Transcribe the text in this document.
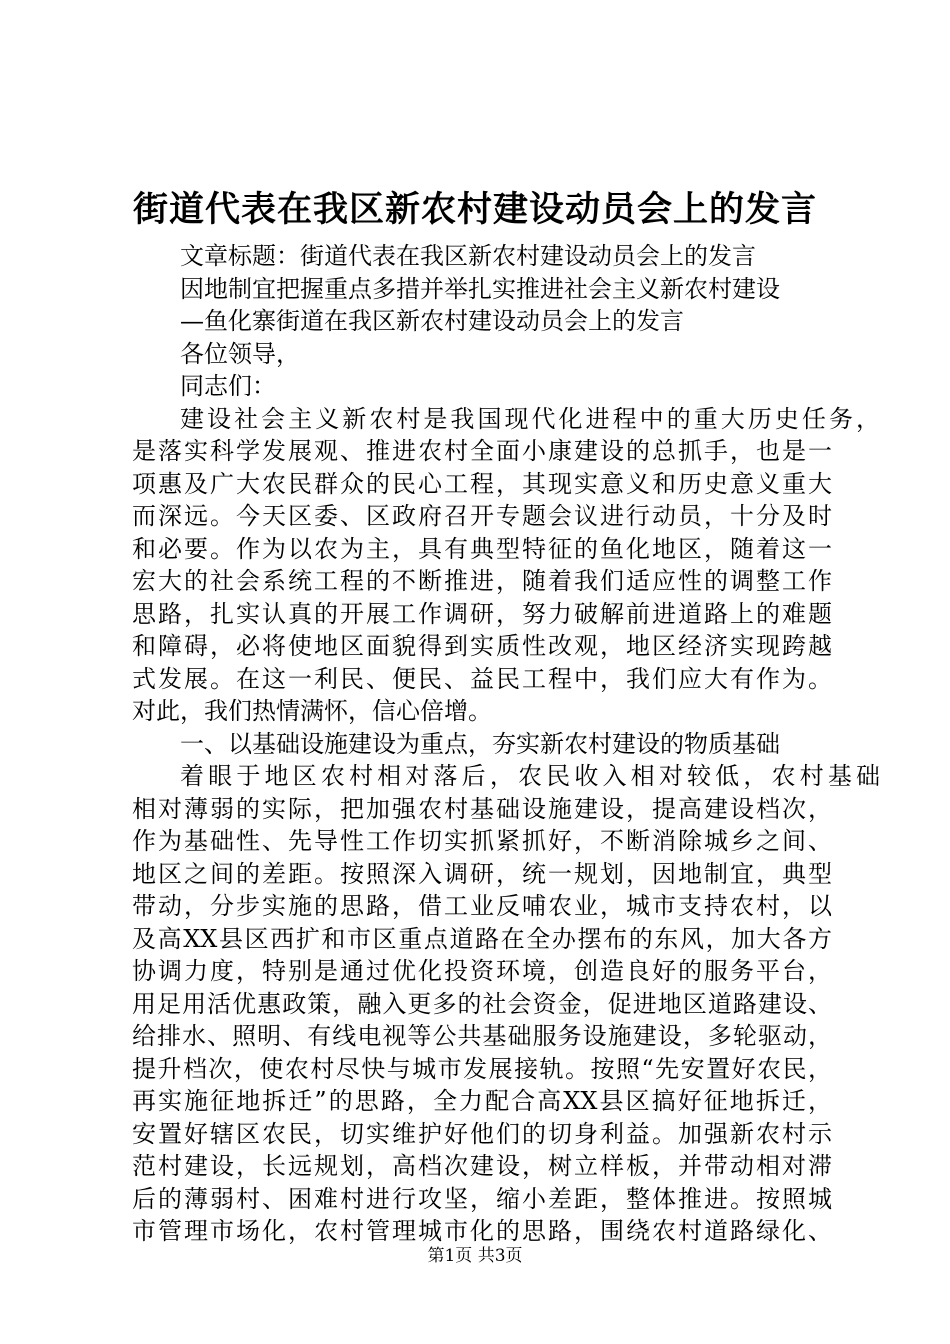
街道代表在我区新农村建设动员会上的发言
文章标题：街道代表在我区新农村建设动员会上的发言
因地制宜把握重点多措并举扎实推进社会主义新农村建设
—鱼化寨街道在我区新农村建设动员会上的发言
各位领导，
同志们：
建设社会主义新农村是我国现代化进程中的重大历史任务，
是落实科学发展观、推进农村全面小康建设的总抓手，也是一
项惠及广大农民群众的民心工程，其现实意义和历史意义重大
而深远。今天区委、区政府召开专题会议进行动员，十分及时
和必要。作为以农为主，具有典型特征的鱼化地区，随着这一
宏大的社会系统工程的不断推进，随着我们适应性的调整工作
思路，扎实认真的开展工作调研，努力破解前进道路上的难题
和障碍，必将使地区面貌得到实质性改观，地区经济实现跨越
式发展。在这一利民、便民、益民工程中，我们应大有作为。
对此，我们热情满怀，信心倍增。
一、以基础设施建设为重点，夯实新农村建设的物质基础
着眼于地区农村相对落后，农民收入相对较低，农村基础
相对薄弱的实际，把加强农村基础设施建设，提高建设档次，
作为基础性、先导性工作切实抓紧抓好，不断消除城乡之间、
地区之间的差距。按照深入调研，统一规划，因地制宜，典型
带动，分步实施的思路，借工业反哺农业，城市支持农村，以
及高XX县区西扩和市区重点道路在全办摆布的东风，加大各方
协调力度，特别是通过优化投资环境，创造良好的服务平台，
用足用活优惠政策，融入更多的社会资金，促进地区道路建设、
给排水、照明、有线电视等公共基础服务设施建设，多轮驱动，
提升档次，使农村尽快与城市发展接轨。按照“先安置好农民，
再实施征地拆迁”的思路，全力配合高XX县区搞好征地拆迁，
安置好辖区农民，切实维护好他们的切身利益。加强新农村示
范村建设，长远规划，高档次建设，树立样板，并带动相对滞
后的薄弱村、困难村进行攻坚，缩小差距，整体推进。按照城
市管理市场化，农村管理城市化的思路，围绕农村道路绿化、
第1页 共3页
